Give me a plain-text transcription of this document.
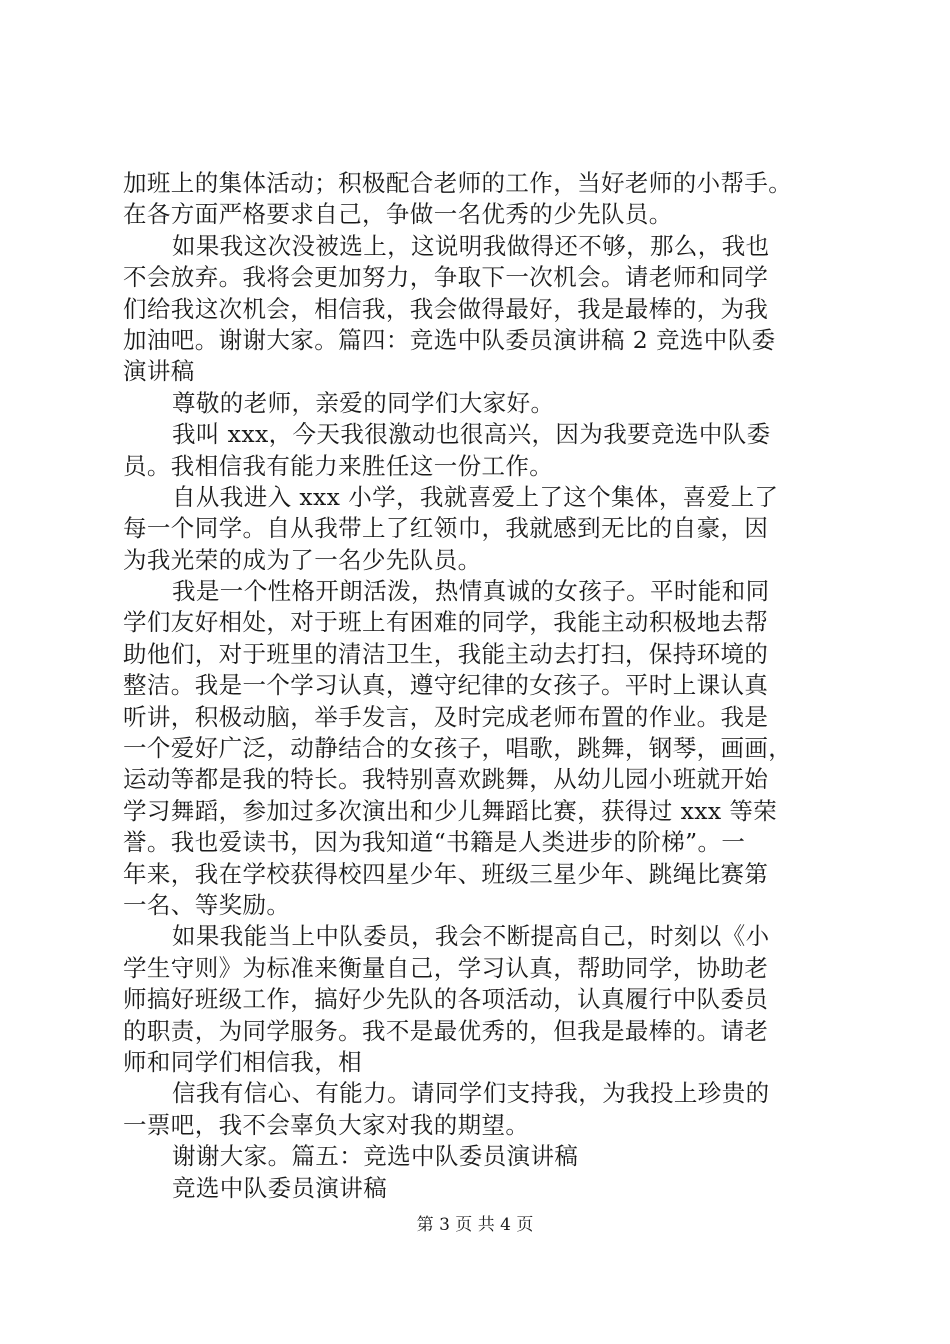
加班上的集体活动；积极配合老师的工作，当好老师的小帮手。
在各方面严格要求自己，争做一名优秀的少先队员。
如果我这次没被选上，这说明我做得还不够，那么，我也
不会放弃。我将会更加努力，争取下一次机会。请老师和同学
们给我这次机会，相信我，我会做得最好，我是最棒的，为我
加油吧。谢谢大家。篇四：竞选中队委员演讲稿 2 竞选中队委
演讲稿
尊敬的老师，亲爱的同学们大家好。
我叫 xxx，今天我很激动也很高兴，因为我要竞选中队委
员。我相信我有能力来胜任这一份工作。
自从我进入 xxx 小学，我就喜爱上了这个集体，喜爱上了
每一个同学。自从我带上了红领巾，我就感到无比的自豪，因
为我光荣的成为了一名少先队员。
我是一个性格开朗活泼，热情真诚的女孩子。平时能和同
学们友好相处，对于班上有困难的同学，我能主动积极地去帮
助他们，对于班里的清洁卫生，我能主动去打扫，保持环境的
整洁。我是一个学习认真，遵守纪律的女孩子。平时上课认真
听讲，积极动脑，举手发言，及时完成老师布置的作业。我是
一个爱好广泛，动静结合的女孩子，唱歌，跳舞，钢琴，画画，
运动等都是我的特长。我特别喜欢跳舞，从幼儿园小班就开始
学习舞蹈，参加过多次演出和少儿舞蹈比赛，获得过 xxx 等荣
誉。我也爱读书，因为我知道“书籍是人类进步的阶梯”。一
年来，我在学校获得校四星少年、班级三星少年、跳绳比赛第
一名、等奖励。
如果我能当上中队委员，我会不断提高自己，时刻以《小
学生守则》为标准来衡量自己，学习认真，帮助同学，协助老
师搞好班级工作，搞好少先队的各项活动，认真履行中队委员
的职责，为同学服务。我不是最优秀的，但我是最棒的。请老
师和同学们相信我，相
信我有信心、有能力。请同学们支持我，为我投上珍贵的
一票吧，我不会辜负大家对我的期望。
谢谢大家。篇五：竞选中队委员演讲稿
竞选中队委员演讲稿
第 3 页 共 4 页
